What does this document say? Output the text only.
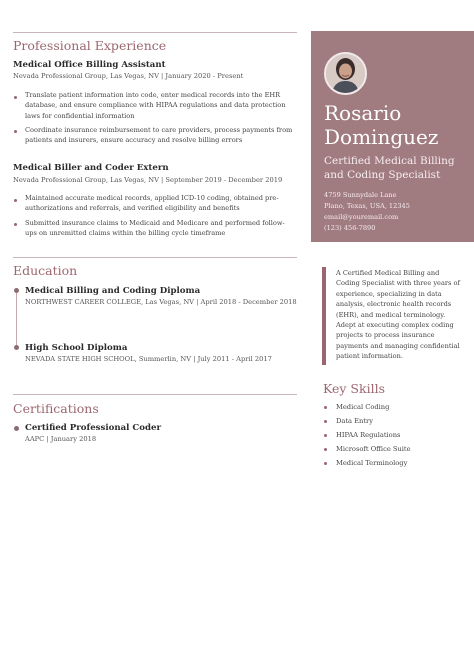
Professional Experience
Medical Office Billing Assistant
Nevada Professional Group, Las Vegas, NV | January 2020 - Present
Translate patient information into code, enter medical records into the EHR database, and ensure compliance with HIPAA regulations and data protection laws for confidential information
Coordinate insurance reimbursement to care providers, process payments from patients and insurers, ensure accuracy and resolve billing errors
Medical Biller and Coder Extern
Nevada Professional Group, Las Vegas, NV | September 2019 - December 2019
Maintained accurate medical records, applied ICD-10 coding, obtained pre-authorizations and referrals, and verified eligibility and benefits
Submitted insurance claims to Medicaid and Medicare and performed follow-ups on unremitted claims within the billing cycle timeframe
Education
Medical Billing and Coding Diploma
NORTHWEST CAREER COLLEGE, Las Vegas, NV | April 2018 - December 2018
High School Diploma
NEVADA STATE HIGH SCHOOL, Summerlin, NV | July 2011 - April 2017
Certifications
Certified Professional Coder
AAPC | January 2018
Rosario Dominguez
Certified Medical Billing and Coding Specialist
4759 Sunnydale Lane
Plano, Texas, USA, 12345
email@youremail.com
(123) 456-7890
A Certified Medical Billing and Coding Specialist with three years of experience, specializing in data analysis, electronic health records (EHR), and medical terminology. Adept at executing complex coding projects to process insurance payments and managing confidential patient information.
Key Skills
Medical Coding
Data Entry
HIPAA Regulations
Microsoft Office Suite
Medical Terminology
